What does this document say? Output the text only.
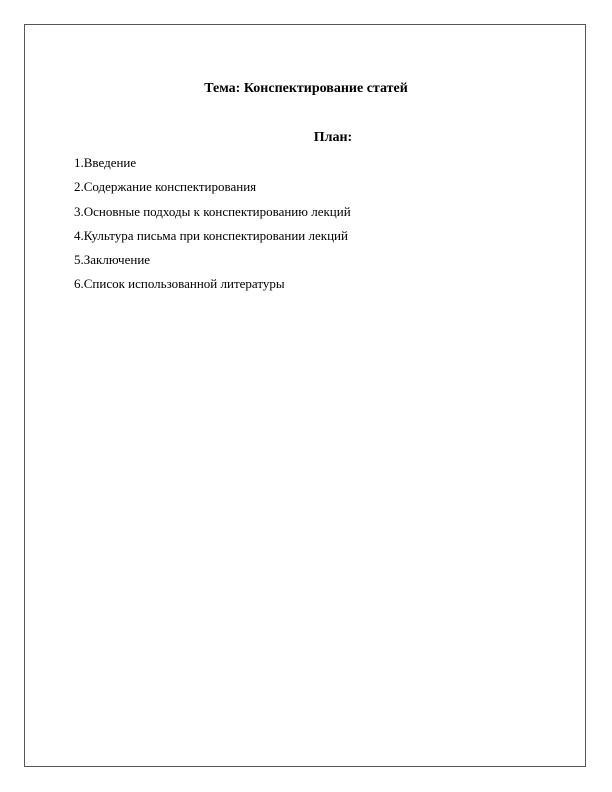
Тема: Конспектирование статей
План:
1.Введение
2.Содержание конспектирования
3.Основные подходы к конспектированию лекций
4.Культура письма при конспектировании лекций
5.Заключение
6.Список использованной литературы
